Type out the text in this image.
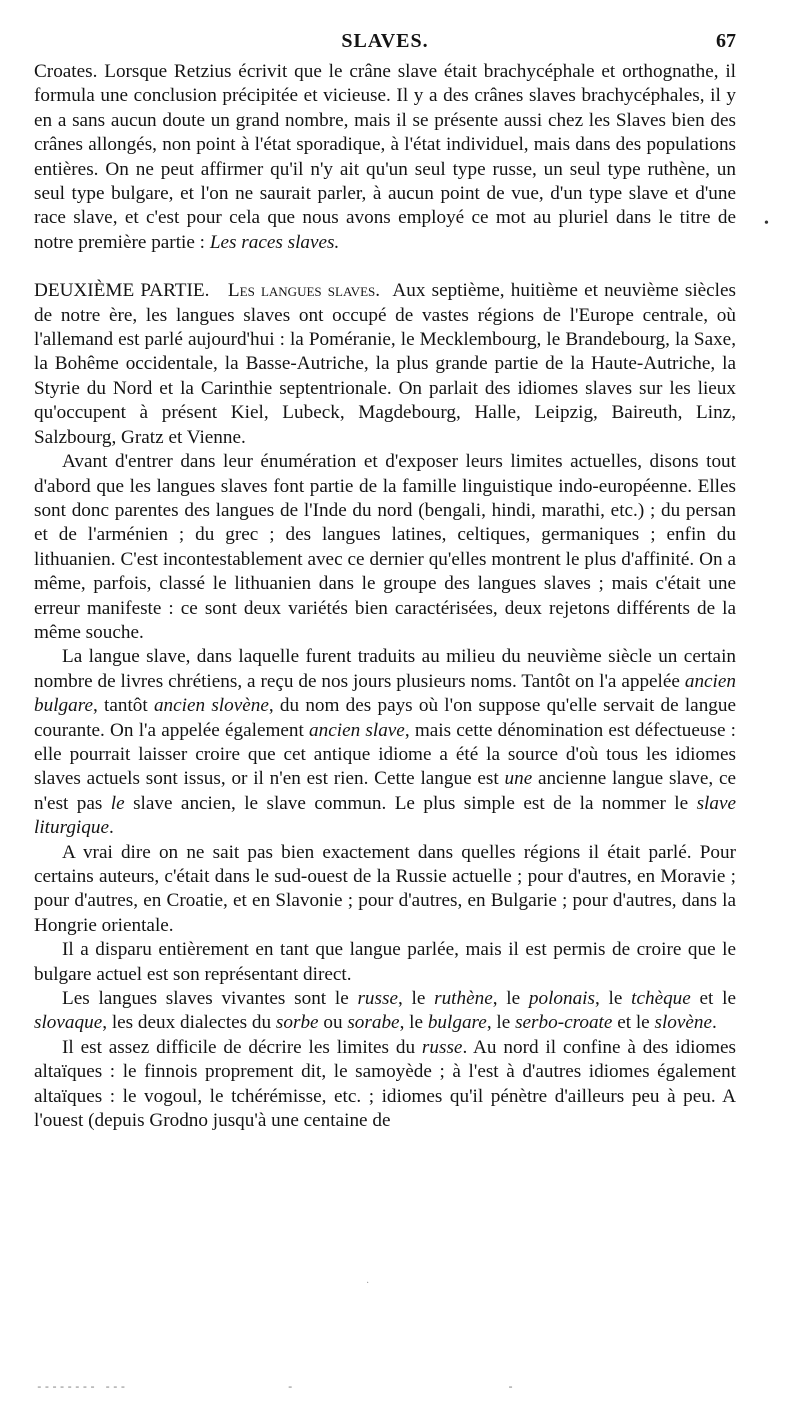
SLAVES.	67

Croates. Lorsque Retzius écrivit que le crâne slave était brachycéphale et orthognathe, il formula une conclusion précipitée et vicieuse. Il y a des crânes slaves brachycéphales, il y en a sans aucun doute un grand nombre, mais il se présente aussi chez les Slaves bien des crânes allongés, non point à l'état sporadique, à l'état individuel, mais dans des populations entières. On ne peut affirmer qu'il n'y ait qu'un seul type russe, un seul type ruthène, un seul type bulgare, et l'on ne saurait parler, à aucun point de vue, d'un type slave et d'une race slave, et c'est pour cela que nous avons employé ce mot au pluriel dans le titre de notre première partie : Les races slaves.

DEUXIÈME PARTIE. Les langues slaves. Aux septième, huitième et neuvième siècles de notre ère, les langues slaves ont occupé de vastes régions de l'Europe centrale, où l'allemand est parlé aujourd'hui : la Poméranie, le Mecklembourg, le Brandebourg, la Saxe, la Bohême occidentale, la Basse-Autriche, la plus grande partie de la Haute-Autriche, la Styrie du Nord et la Carinthie septentrionale. On parlait des idiomes slaves sur les lieux qu'occupent à présent Kiel, Lubeck, Magdebourg, Halle, Leipzig, Baireuth, Linz, Salzbourg, Gratz et Vienne.

Avant d'entrer dans leur énumération et d'exposer leurs limites actuelles, disons tout d'abord que les langues slaves font partie de la famille linguistique indo-européenne. Elles sont donc parentes des langues de l'Inde du nord (bengali, hindi, marathi, etc.) ; du persan et de l'arménien ; du grec ; des langues latines, celtiques, germaniques ; enfin du lithuanien. C'est incontestablement avec ce dernier qu'elles montrent le plus d'affinité. On a même, parfois, classé le lithuanien dans le groupe des langues slaves ; mais c'était une erreur manifeste : ce sont deux variétés bien caractérisées, deux rejetons différents de la même souche.

La langue slave, dans laquelle furent traduits au milieu du neuvième siècle un certain nombre de livres chrétiens, a reçu de nos jours plusieurs noms. Tantôt on l'a appelée ancien bulgare, tantôt ancien slovène, du nom des pays où l'on suppose qu'elle servait de langue courante. On l'a appelée également ancien slave, mais cette dénomination est défectueuse : elle pourrait laisser croire que cet antique idiome a été la source d'où tous les idiomes slaves actuels sont issus, or il n'en est rien. Cette langue est une ancienne langue slave, ce n'est pas le slave ancien, le slave commun. Le plus simple est de la nommer le slave liturgique.

A vrai dire on ne sait pas bien exactement dans quelles régions il était parlé. Pour certains auteurs, c'était dans le sud-ouest de la Russie actuelle ; pour d'autres, en Moravie ; pour d'autres, en Croatie, et en Slavonie ; pour d'autres, en Bulgarie ; pour d'autres, dans la Hongrie orientale.

Il a disparu entièrement en tant que langue parlée, mais il est permis de croire que le bulgare actuel est son représentant direct.

Les langues slaves vivantes sont le russe, le ruthène, le polonais, le tchèque et le slovaque, les deux dialectes du sorbe ou sorabe, le bulgare, le serbo-croate et le slovène.

Il est assez difficile de décrire les limites du russe. Au nord il confine à des idiomes altaïques : le finnois proprement dit, le samoyède ; à l'est à d'autres idiomes également altaïques : le vogoul, le tchérémisse, etc. ; idiomes qu'il pénètre d'ailleurs peu à peu. A l'ouest (depuis Grodno jusqu'à une centaine de

•
·
-------- ---                     -                            -
